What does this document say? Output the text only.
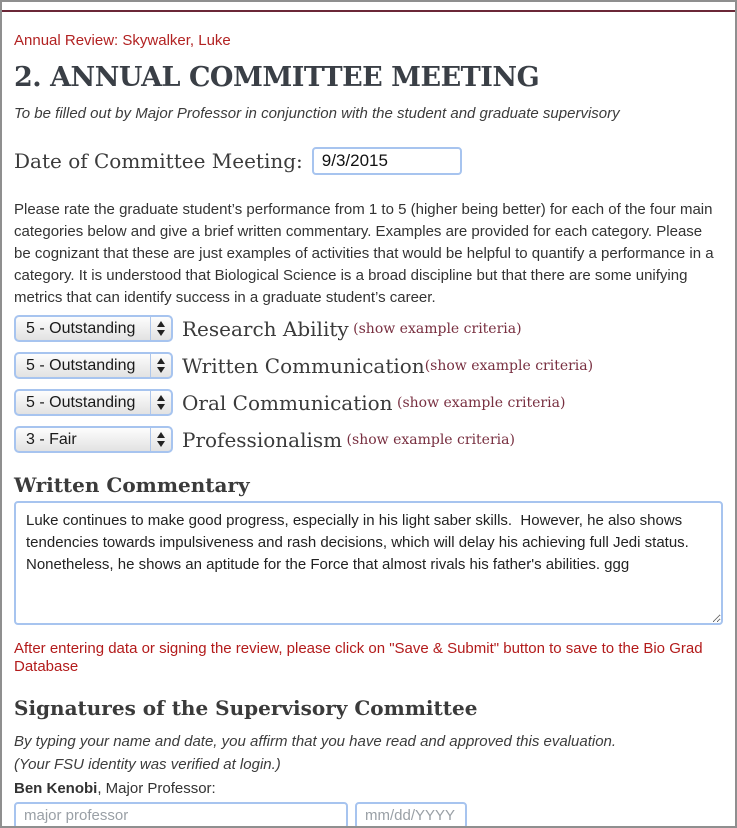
Annual Review: Skywalker, Luke
2. ANNUAL COMMITTEE MEETING
To be filled out by Major Professor in conjunction with the student and graduate supervisory
Date of Committee Meeting:
9/3/2015

Please rate the graduate student’s performance from 1 to 5 (higher being better) for each of the four main categories below and give a brief written commentary. Examples are provided for each category. Please be cognizant that these are just examples of activities that would be helpful to quantify a performance in a category. It is understood that Biological Science is a broad discipline but that there are some unifying metrics that can identify success in a graduate student’s career.

5 - Outstanding	Research Ability (show example criteria)
5 - Outstanding	Written Communication (show example criteria)
5 - Outstanding	Oral Communication (show example criteria)
3 - Fair	Professionalism (show example criteria)
Written Commentary
Luke continues to make good progress, especially in his light saber skills. However, he also shows tendencies towards impulsiveness and rash decisions, which will delay his achieving full Jedi status. Nonetheless, he shows an aptitude for the Force that almost rivals his father's abilities. ggg
After entering data or signing the review, please click on "Save & Submit" button to save to the Bio Grad Database
Signatures of the Supervisory Committee
By typing your name and date, you affirm that you have read and approved this evaluation.
(Your FSU identity was verified at login.)
Ben Kenobi, Major Professor:
major professor
mm/dd/YYYY
